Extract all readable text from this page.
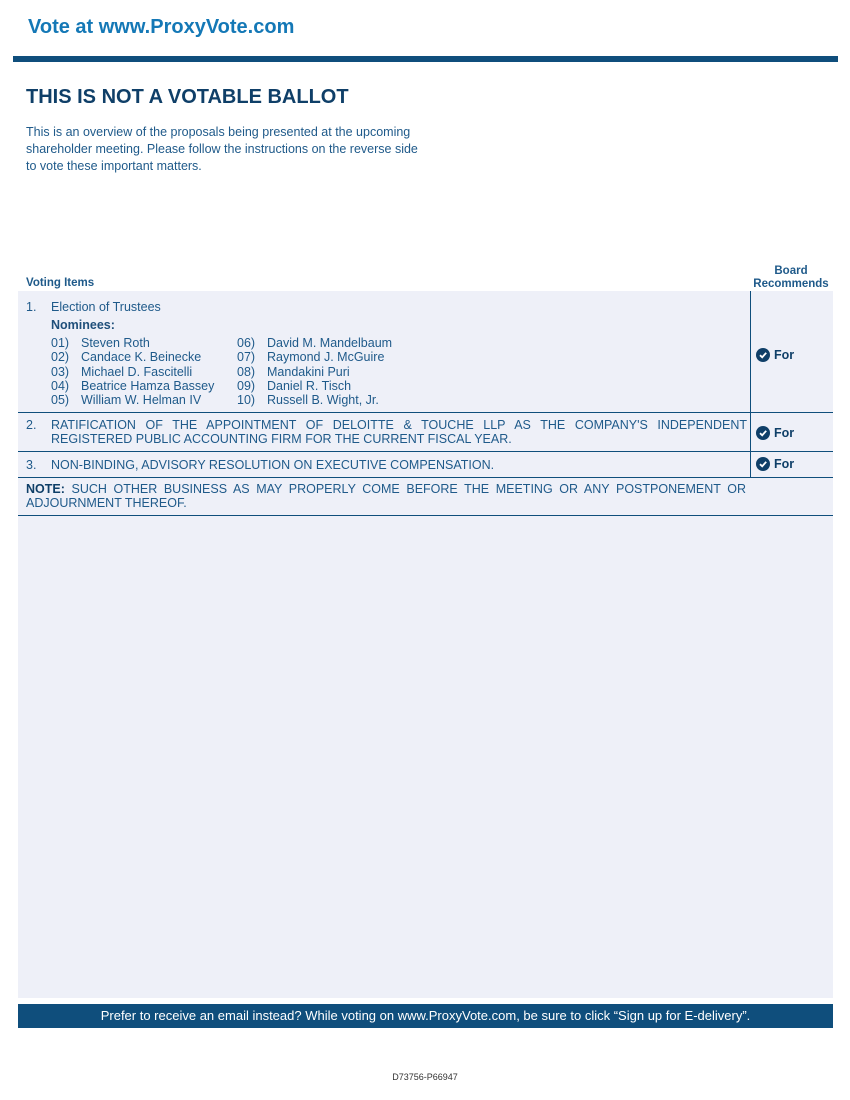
Vote at www.ProxyVote.com
THIS IS NOT A VOTABLE BALLOT
This is an overview of the proposals being presented at the upcoming shareholder meeting. Please follow the instructions on the reverse side to vote these important matters.
Voting Items
Board Recommends
1. Election of Trustees
Nominees:
01) Steven Roth
02) Candace K. Beinecke
03) Michael D. Fascitelli
04) Beatrice Hamza Bassey
05) William W. Helman IV
06) David M. Mandelbaum
07) Raymond J. McGuire
08) Mandakini Puri
09) Daniel R. Tisch
10) Russell B. Wight, Jr.
For
2. RATIFICATION OF THE APPOINTMENT OF DELOITTE & TOUCHE LLP AS THE COMPANY'S INDEPENDENT REGISTERED PUBLIC ACCOUNTING FIRM FOR THE CURRENT FISCAL YEAR.	For
3. NON-BINDING, ADVISORY RESOLUTION ON EXECUTIVE COMPENSATION.	For
NOTE: SUCH OTHER BUSINESS AS MAY PROPERLY COME BEFORE THE MEETING OR ANY POSTPONEMENT OR ADJOURNMENT THEREOF.
Prefer to receive an email instead? While voting on www.ProxyVote.com, be sure to click “Sign up for E-delivery”.
D73756-P66947
